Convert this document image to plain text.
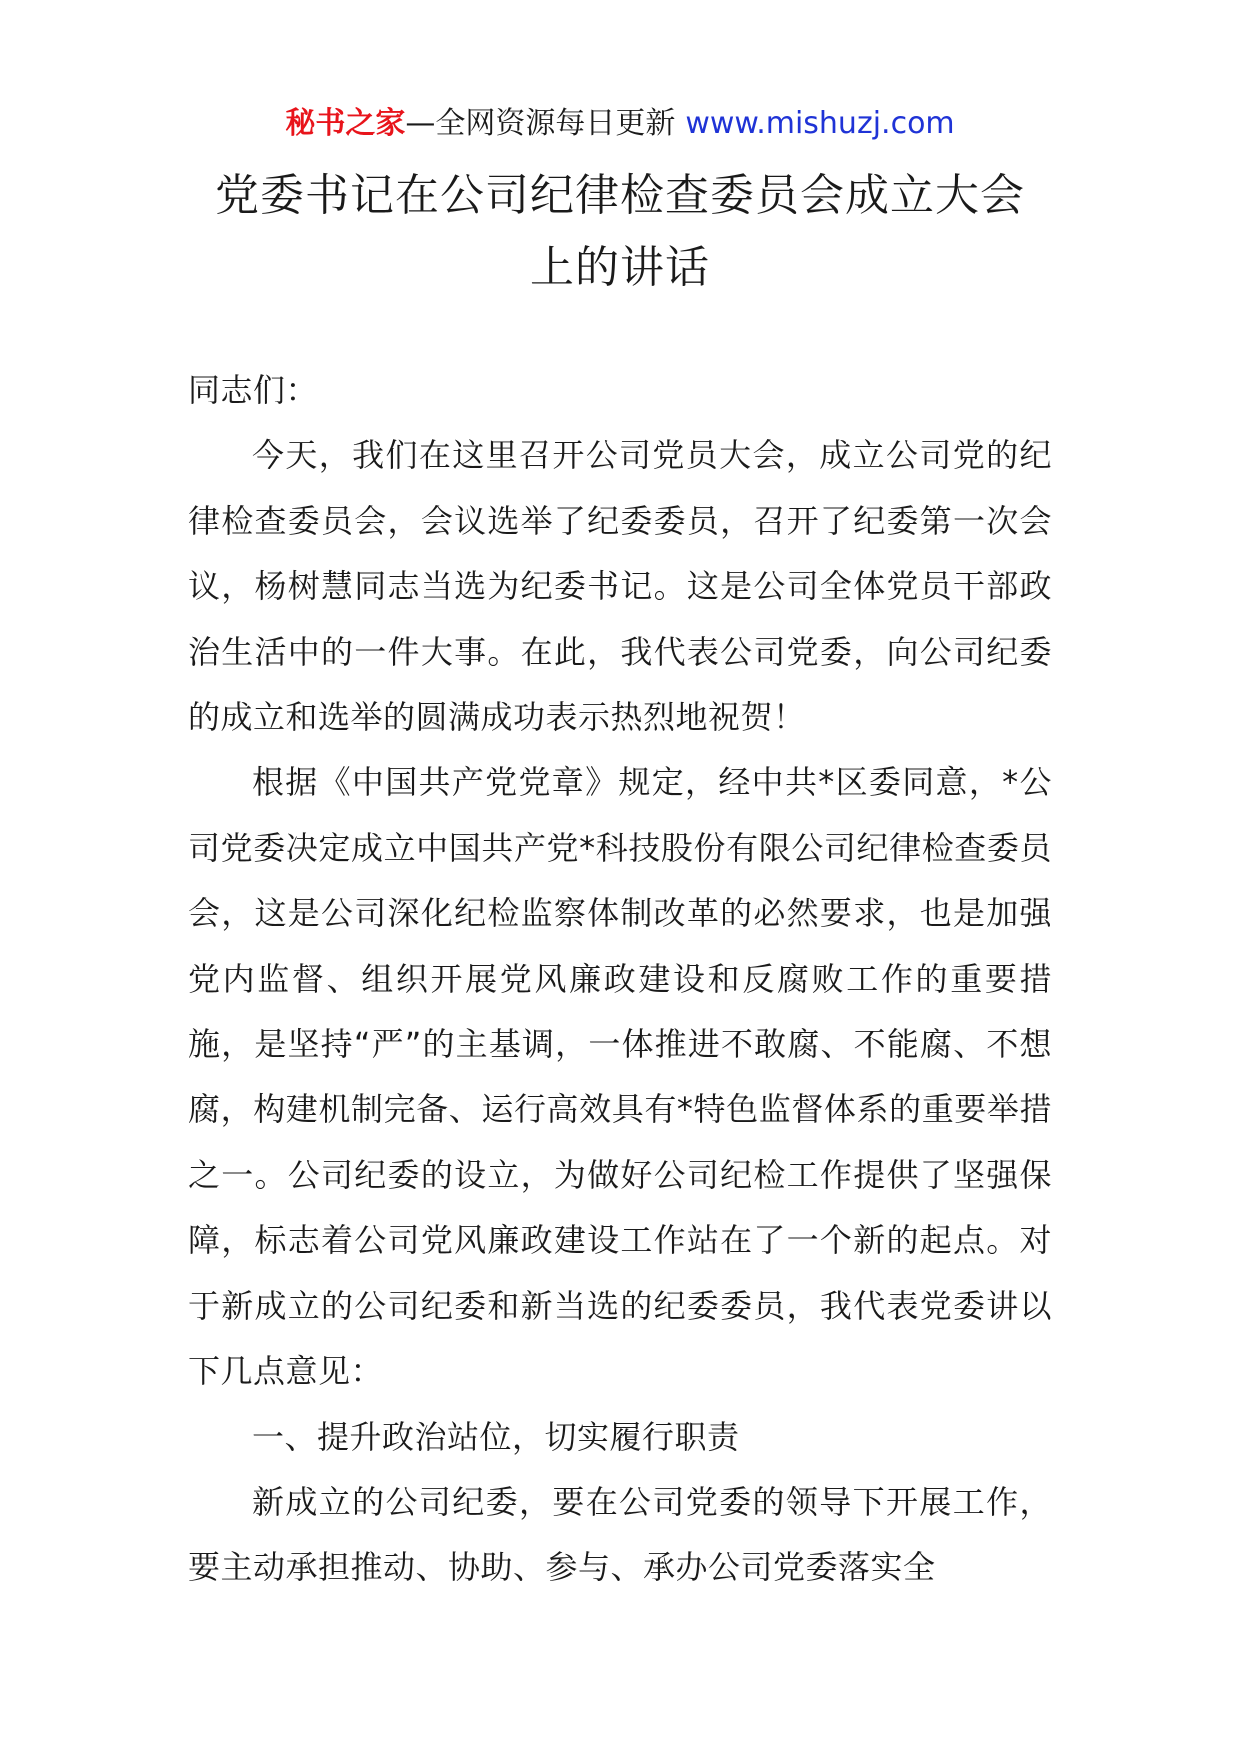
秘书之家—全网资源每日更新 www.mishuzj.com
党委书记在公司纪律检查委员会成立大会
上的讲话

同志们：

今天，我们在这里召开公司党员大会，成立公司党的纪律检查委员会，会议选举了纪委委员，召开了纪委第一次会议，杨树慧同志当选为纪委书记。这是公司全体党员干部政治生活中的一件大事。在此，我代表公司党委，向公司纪委的成立和选举的圆满成功表示热烈地祝贺！

根据《中国共产党党章》规定，经中共*区委同意，*公司党委决定成立中国共产党*科技股份有限公司纪律检查委员会，这是公司深化纪检监察体制改革的必然要求，也是加强党内监督、组织开展党风廉政建设和反腐败工作的重要措施，是坚持“严”的主基调，一体推进不敢腐、不能腐、不想腐，构建机制完备、运行高效具有*特色监督体系的重要举措之一。公司纪委的设立，为做好公司纪检工作提供了坚强保障，标志着公司党风廉政建设工作站在了一个新的起点。对于新成立的公司纪委和新当选的纪委委员，我代表党委讲以下几点意见：

一、提升政治站位，切实履行职责

新成立的公司纪委，要在公司党委的领导下开展工作，要主动承担推动、协助、参与、承办公司党委落实全
